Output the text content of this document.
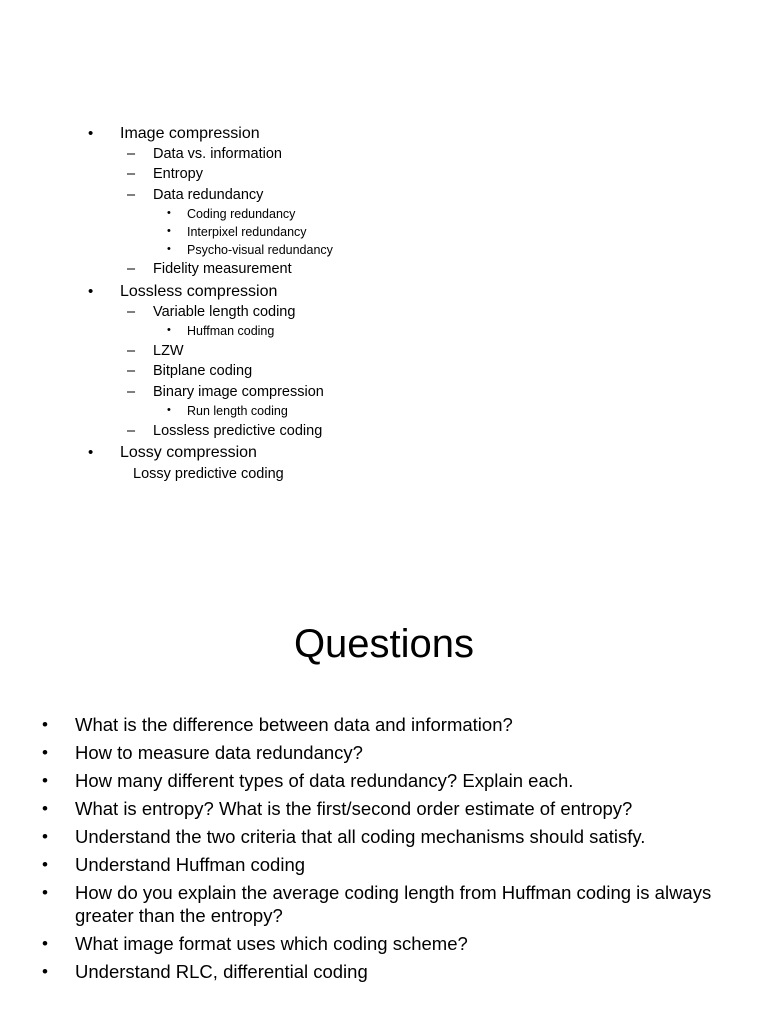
• Image compression
– Data vs. information
– Entropy
– Data redundancy
• Coding redundancy
• Interpixel redundancy
• Psycho-visual redundancy
– Fidelity measurement
• Lossless compression
– Variable length coding
• Huffman coding
– LZW
– Bitplane coding
– Binary image compression
• Run length coding
– Lossless predictive coding
• Lossy compression
Lossy predictive coding
Questions
• What is the difference between data and information?
• How to measure data redundancy?
• How many different types of data redundancy? Explain each.
• What is entropy? What is the first/second order estimate of entropy?
• Understand the two criteria that all coding mechanisms should satisfy.
• Understand Huffman coding
• How do you explain the average coding length from Huffman coding is always greater than the entropy?
• What image format uses which coding scheme?
• Understand RLC, differential coding
